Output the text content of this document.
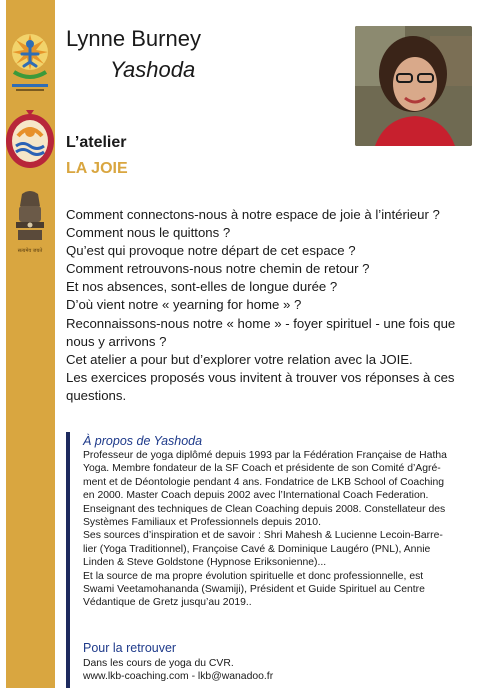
सत्यमेव जयते
Lynne Burney
Yashoda
L’atelier
LA JOIE
Comment connectons-nous à notre espace de joie à l’intérieur ?
Comment nous le quittons ?
Qu’est qui provoque notre départ de cet espace ?
Comment retrouvons-nous notre chemin de retour ?
Et nos absences, sont-elles de longue durée ?
D’où vient notre « yearning for home » ?
Reconnaissons-nous notre « home » - foyer spirituel - une fois que
nous y arrivons ?
Cet atelier a pour but d’explorer votre relation avec la JOIE.
Les exercices proposés vous invitent à trouver vos réponses à ces
questions.
À propos de Yashoda
Professeur de yoga diplômé depuis 1993 par la Fédération Française de Hatha
Yoga. Membre fondateur de la SF Coach et présidente de son Comité d’Agré-
ment et de Déontologie pendant 4 ans. Fondatrice de LKB School of Coaching
en 2000. Master Coach depuis 2002 avec l’International Coach Federation.
Enseignant des techniques de Clean Coaching depuis 2008. Constellateur des
Systèmes Familiaux et Professionnels depuis 2010.
Ses sources d’inspiration et de savoir : Shri Mahesh & Lucienne Lecoin-Barre-
lier (Yoga Traditionnel), Françoise Cavé & Dominique Laugéro (PNL), Annie
Linden & Steve Goldstone (Hypnose Eriksonienne)...
Et la source de ma propre évolution spirituelle et donc professionnelle, est
Swami Veetamohananda (Swamiji), Président et Guide Spirituel au Centre
Védantique de Gretz jusqu’au 2019..
Pour la retrouver
Dans les cours de yoga du CVR.
www.lkb-coaching.com - lkb@wanadoo.fr
